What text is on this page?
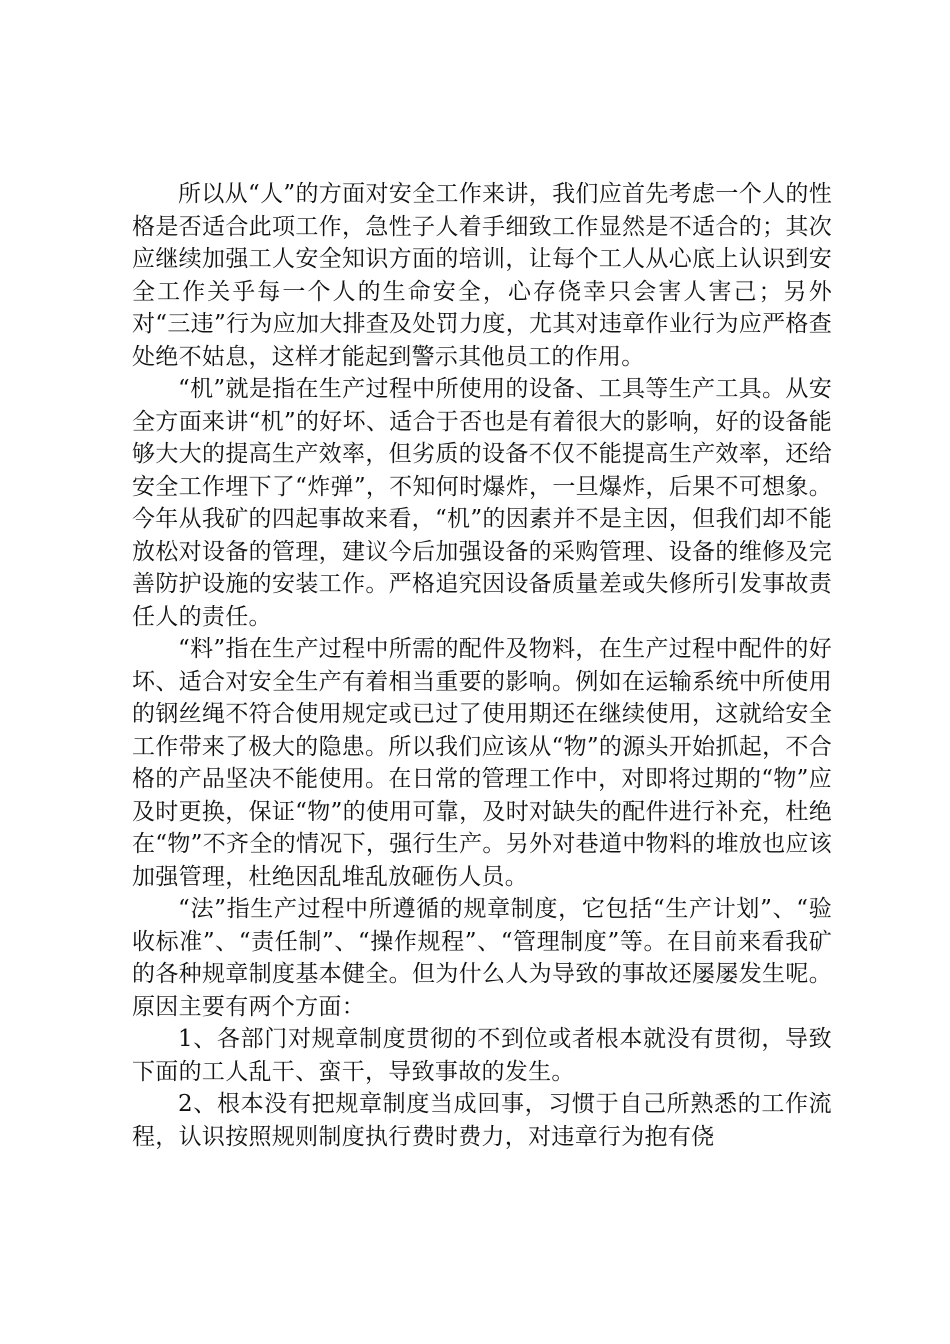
所以从“人”的方面对安全工作来讲，我们应首先考虑一个人的性格是否适合此项工作，急性子人着手细致工作显然是不适合的；其次应继续加强工人安全知识方面的培训，让每个工人从心底上认识到安全工作关乎每一个人的生命安全，心存侥幸只会害人害己；另外对“三违”行为应加大排查及处罚力度，尤其对违章作业行为应严格查处绝不姑息，这样才能起到警示其他员工的作用。

“机”就是指在生产过程中所使用的设备、工具等生产工具。从安全方面来讲“机”的好坏、适合于否也是有着很大的影响，好的设备能够大大的提高生产效率，但劣质的设备不仅不能提高生产效率，还给安全工作埋下了“炸弹”，不知何时爆炸，一旦爆炸，后果不可想象。今年从我矿的四起事故来看，“机”的因素并不是主因，但我们却不能放松对设备的管理，建议今后加强设备的采购管理、设备的维修及完善防护设施的安装工作。严格追究因设备质量差或失修所引发事故责任人的责任。

“料”指在生产过程中所需的配件及物料，在生产过程中配件的好坏、适合对安全生产有着相当重要的影响。例如在运输系统中所使用的钢丝绳不符合使用规定或已过了使用期还在继续使用，这就给安全工作带来了极大的隐患。所以我们应该从“物”的源头开始抓起，不合格的产品坚决不能使用。在日常的管理工作中，对即将过期的“物”应及时更换，保证“物”的使用可靠，及时对缺失的配件进行补充，杜绝在“物”不齐全的情况下，强行生产。另外对巷道中物料的堆放也应该加强管理，杜绝因乱堆乱放砸伤人员。

“法”指生产过程中所遵循的规章制度，它包括“生产计划”、“验收标准”、“责任制”、“操作规程”、“管理制度”等。在目前来看我矿的各种规章制度基本健全。但为什么人为导致的事故还屡屡发生呢。原因主要有两个方面：

1、各部门对规章制度贯彻的不到位或者根本就没有贯彻，导致下面的工人乱干、蛮干，导致事故的发生。

2、根本没有把规章制度当成回事，习惯于自己所熟悉的工作流程，认识按照规则制度执行费时费力，对违章行为抱有侥
